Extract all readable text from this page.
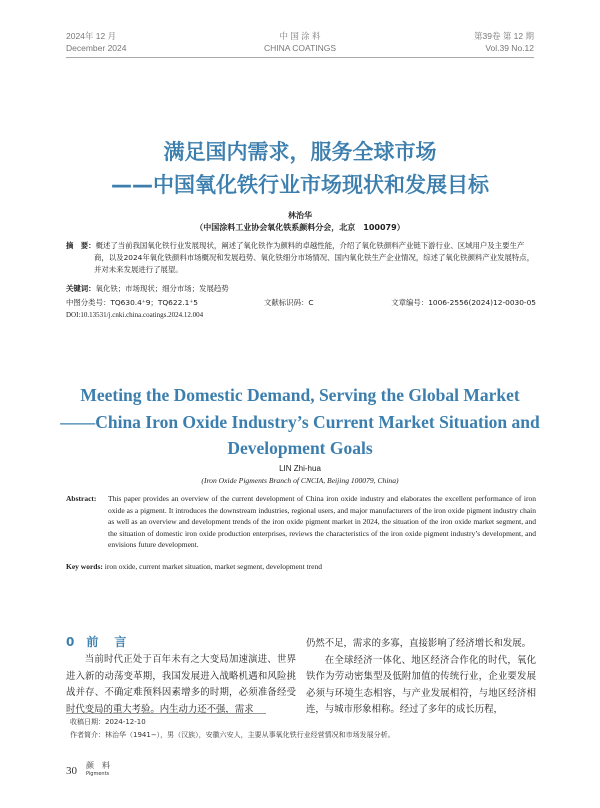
2024年 12 月
December 2024
中 国 涂 料
CHINA COATINGS
第39卷 第 12 期
Vol.39 No.12
满足国内需求，服务全球市场
——中国氧化铁行业市场现状和发展目标
林治华
（中国涂料工业协会氧化铁系颜料分会，北京　100079）
摘　要：概述了当前我国氧化铁行业发展现状，阐述了氧化铁作为颜料的卓越性能，介绍了氧化铁颜料产业链下游行业、区域用户及主要生产商，以及2024年氧化铁颜料市场概况和发展趋势、氧化铁细分市场情况、国内氧化铁生产企业情况，综述了氧化铁颜料产业发展特点，并对未来发展进行了展望。
关键词：氧化铁；市场现状；细分市场；发展趋势
中图分类号：TQ630.4⁺9；TQ622.1⁺5	文献标识码：C	文章编号：1006-2556(2024)12-0030-05
DOI:10.13531/j.cnki.china.coatings.2024.12.004
Meeting the Domestic Demand, Serving the Global Market
——China Iron Oxide Industry’s Current Market Situation and
Development Goals
LIN Zhi-hua
(Iron Oxide Pigments Branch of CNCIA, Beijing 100079, China)
Abstract: This paper provides an overview of the current development of China iron oxide industry and elaborates the excellent performance of iron oxide as a pigment. It introduces the downstream industries, regional users, and major manufacturers of the iron oxide pigment industry chain as well as an overview and development trends of the iron oxide pigment market in 2024, the situation of the iron oxide market segment, and the situation of domestic iron oxide production enterprises, reviews the characteristics of the iron oxide pigment industry’s development, and envisions future development.
Key words: iron oxide, current market situation, market segment, development trend
0 前　言

当前时代正处于百年未有之大变局加速演进、世界进入新的动荡变革期，我国发展进入战略机遇和风险挑战并存、不确定难预料因素增多的时期，必须准备经受时代变局的重大考验。内生动力还不强，需求

仍然不足，需求的多寡，直接影响了经济增长和发展。

在全球经济一体化、地区经济合作化的时代，氧化铁作为劳动密集型及低附加值的传统行业，企业要发展必须与环境生态相容，与产业发展相符，与地区经济相连，与城市形象相称。经过了多年的成长历程，

收稿日期：2024-12-10
作者简介：林治华（1941−），男（汉族），安徽六安人，主要从事氧化铁行业经营情况和市场发展分析。
30 颜　料
Pigments
